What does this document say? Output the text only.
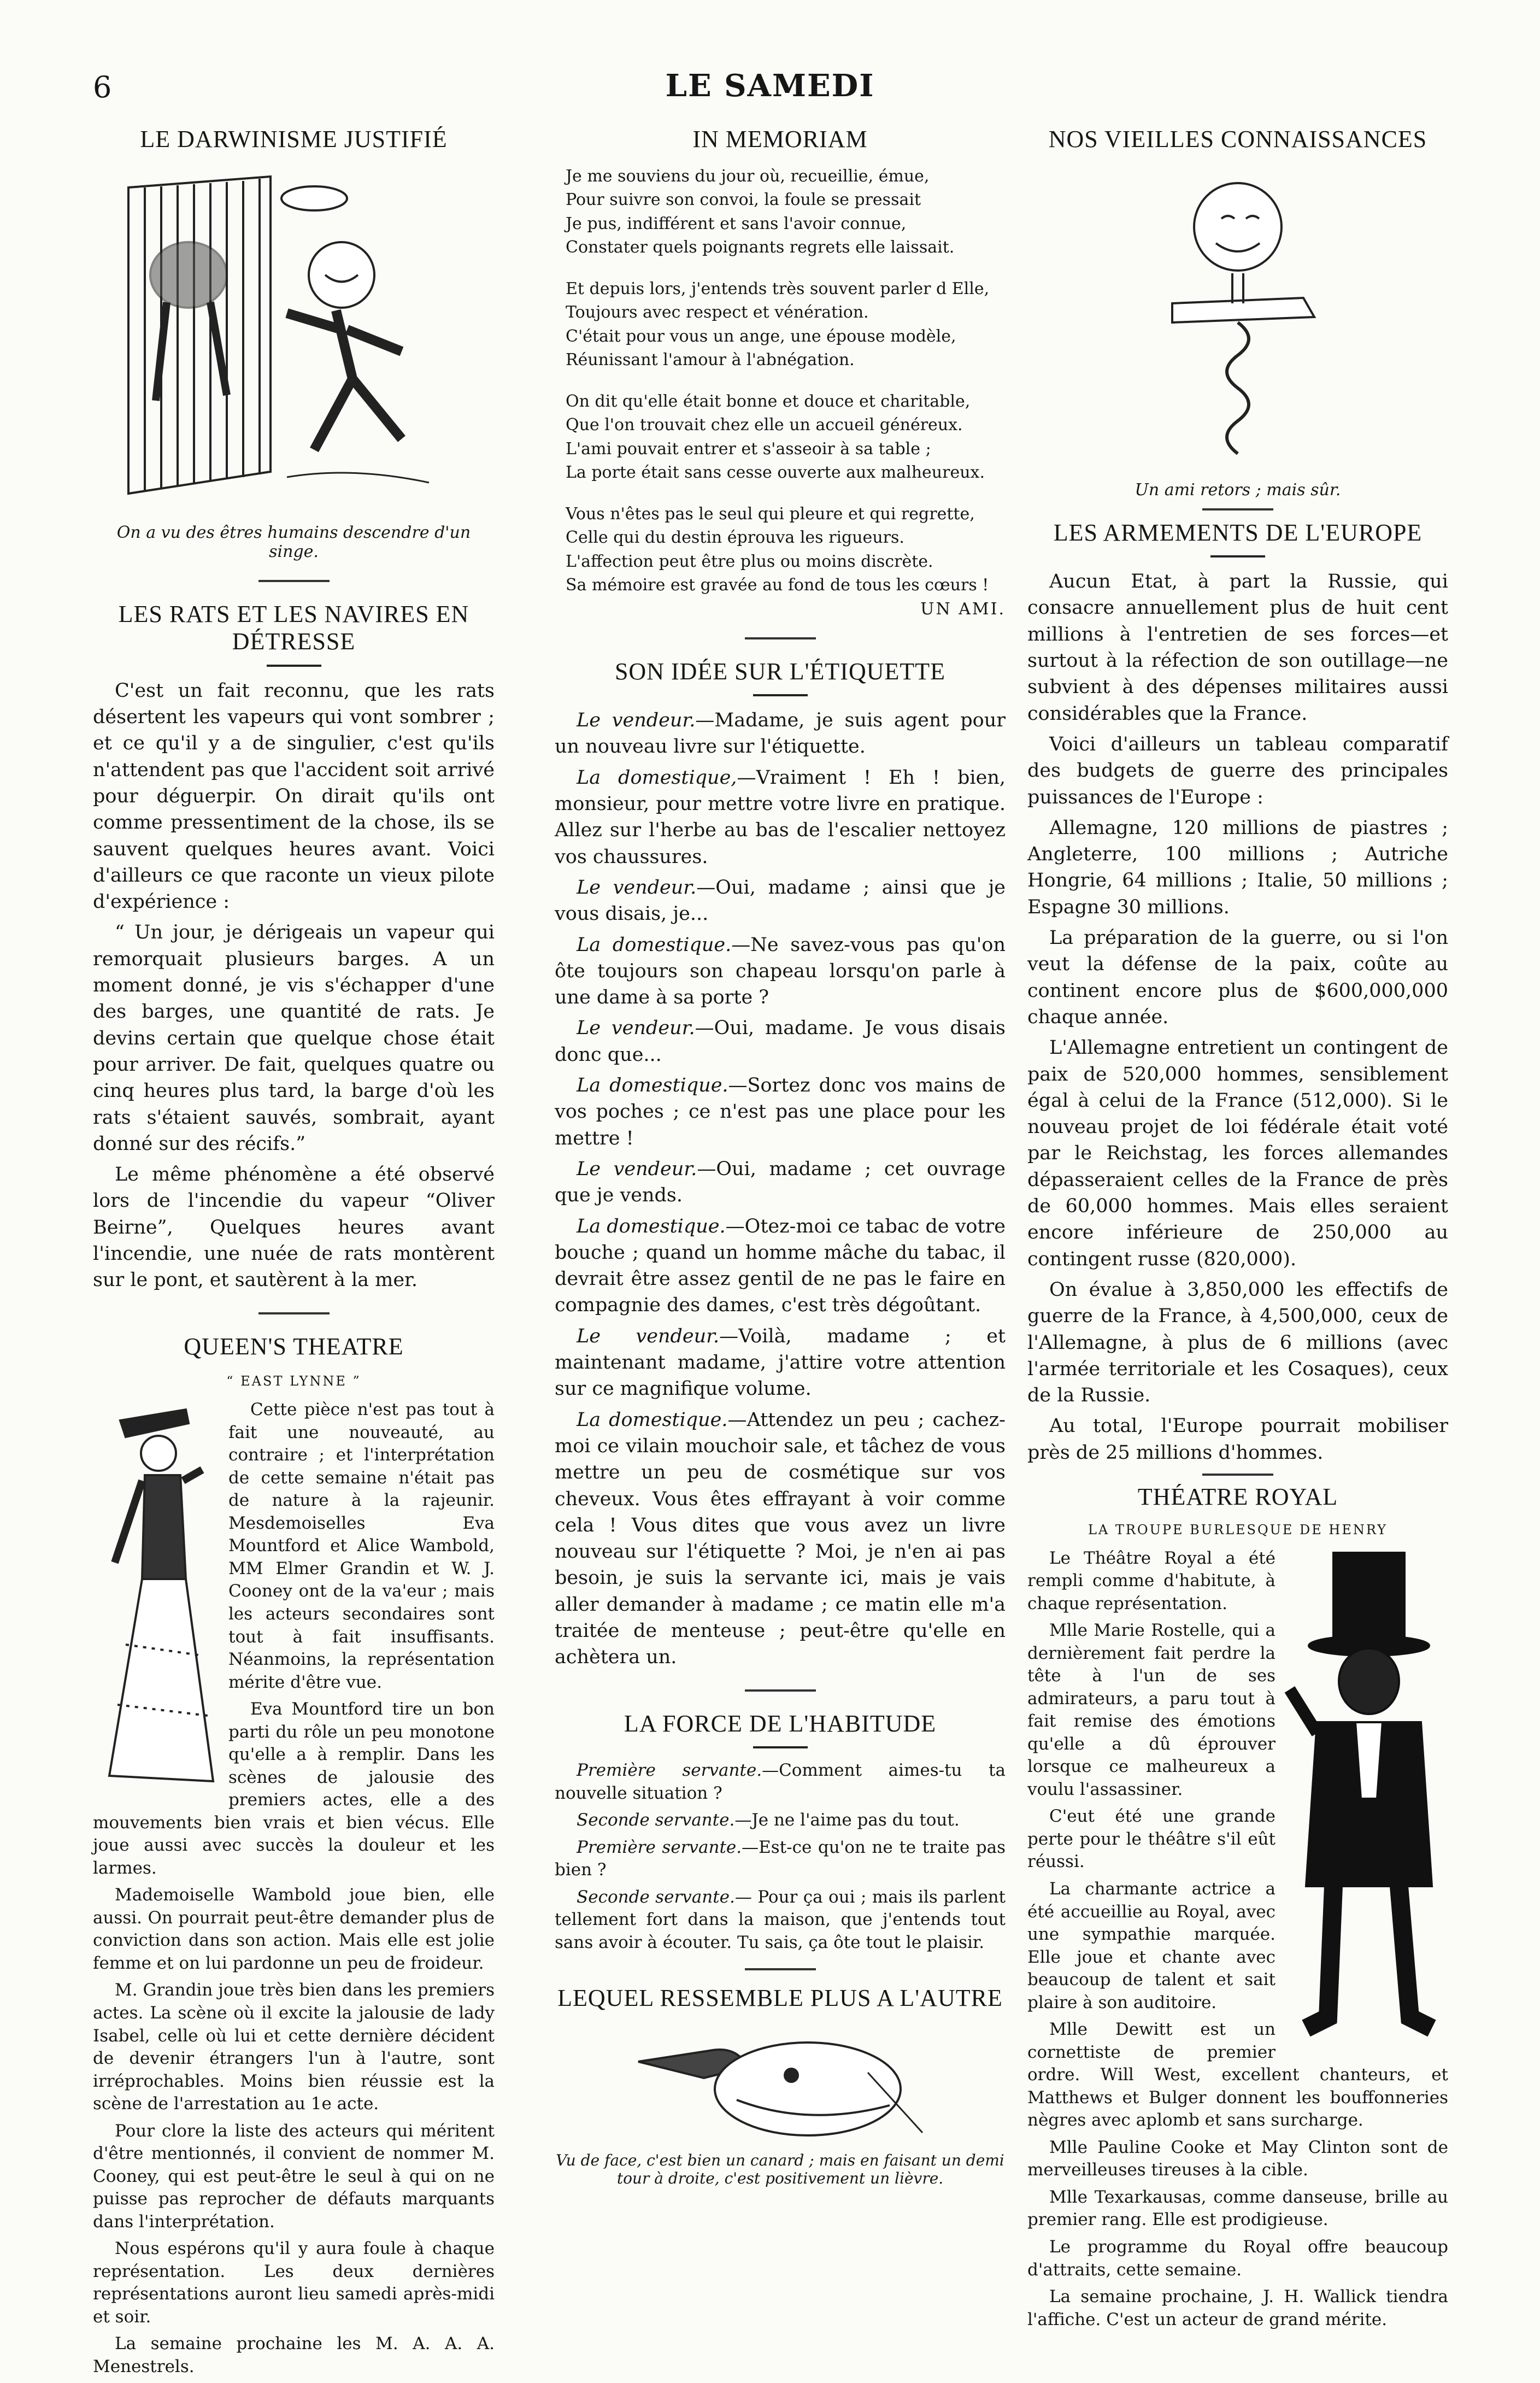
6	LE SAMEDI
LE DARWINISME JUSTIFIÉ
On a vu des êtres humains descendre d'un singe.
LES RATS ET LES NAVIRES EN DÉTRESSE

C'est un fait reconnu, que les rats désertent les vapeurs qui vont sombrer ; et ce qu'il y a de singulier, c'est qu'ils n'attendent pas que l'accident soit arrivé pour déguerpir. On dirait qu'ils ont comme pressentiment de la chose, ils se sauvent quelques heures avant. Voici d'ailleurs ce que raconte un vieux pilote d'expérience :

“ Un jour, je dérigeais un vapeur qui remorquait plusieurs barges. A un moment donné, je vis s'échapper d'une des barges, une quantité de rats. Je devins certain que quelque chose était pour arriver. De fait, quelques quatre ou cinq heures plus tard, la barge d'où les rats s'étaient sauvés, sombrait, ayant donné sur des récifs.”

Le même phénomène a été observé lors de l'incendie du vapeur “Oliver Beirne”, Quelques heures avant l'incendie, une nuée de rats montèrent sur le pont, et sautèrent à la mer.

QUEEN'S THEATRE
“ EAST LYNNE ”

Cette pièce n'est pas tout à fait une nouveauté, au contraire ; et l'interprétation de cette semaine n'était pas de nature à la rajeunir. Mesdemoiselles Eva Mountford et Alice Wambold, MM Elmer Grandin et W. J. Cooney ont de la va'eur ; mais les acteurs secondaires sont tout à fait insuffisants. Néanmoins, la représentation mérite d'être vue.

Eva Mountford tire un bon parti du rôle un peu monotone qu'elle a à remplir. Dans les scènes de jalousie des premiers actes, elle a des mouvements bien vrais et bien vécus. Elle joue aussi avec succès la douleur et les larmes.

Mademoiselle Wambold joue bien, elle aussi. On pourrait peut-être demander plus de conviction dans son action. Mais elle est jolie femme et on lui pardonne un peu de froideur.

M. Grandin joue très bien dans les premiers actes. La scène où il excite la jalousie de lady Isabel, celle où lui et cette dernière décident de devenir étrangers l'un à l'autre, sont irréprochables. Moins bien réussie est la scène de l'arrestation au 1e acte.

Pour clore la liste des acteurs qui méritent d'être mentionnés, il convient de nommer M. Cooney, qui est peut-être le seul à qui on ne puisse pas reprocher de défauts marquants dans l'interprétation.

Nous espérons qu'il y aura foule à chaque représentation. Les deux dernières représentations auront lieu samedi après-midi et soir.

La semaine prochaine les M. A. A. A. Menestrels.

IN MEMORIAM
Je me souviens du jour où, recueillie, émue,
Pour suivre son convoi, la foule se pressait
Je pus, indifférent et sans l'avoir connue,
Constater quels poignants regrets elle laissait.
Et depuis lors, j'entends très souvent parler d Elle,
Toujours avec respect et vénération.
C'était pour vous un ange, une épouse modèle,
Réunissant l'amour à l'abnégation.
On dit qu'elle était bonne et douce et charitable,
Que l'on trouvait chez elle un accueil généreux.
L'ami pouvait entrer et s'asseoir à sa table ;
La porte était sans cesse ouverte aux malheureux.
Vous n'êtes pas le seul qui pleure et qui regrette,
Celle qui du destin éprouva les rigueurs.
L'affection peut être plus ou moins discrète.
Sa mémoire est gravée au fond de tous les cœurs !
UN AMI.
SON IDÉE SUR L'ÉTIQUETTE

Le vendeur.—Madame, je suis agent pour un nouveau livre sur l'étiquette.

La domestique,—Vraiment ! Eh ! bien, monsieur, pour mettre votre livre en pratique. Allez sur l'herbe au bas de l'escalier nettoyez vos chaussures.

Le vendeur.—Oui, madame ; ainsi que je vous disais, je...

La domestique.—Ne savez-vous pas qu'on ôte toujours son chapeau lorsqu'on parle à une dame à sa porte ?

Le vendeur.—Oui, madame. Je vous disais donc que...

La domestique.—Sortez donc vos mains de vos poches ; ce n'est pas une place pour les mettre !

Le vendeur.—Oui, madame ; cet ouvrage que je vends.

La domestique.—Otez-moi ce tabac de votre bouche ; quand un homme mâche du tabac, il devrait être assez gentil de ne pas le faire en compagnie des dames, c'est très dégoûtant.

Le vendeur.—Voilà, madame ; et maintenant madame, j'attire votre attention sur ce magnifique volume.

La domestique.—Attendez un peu ; cachez-moi ce vilain mouchoir sale, et tâchez de vous mettre un peu de cosmétique sur vos cheveux. Vous êtes effrayant à voir comme cela ! Vous dites que vous avez un livre nouveau sur l'étiquette ? Moi, je n'en ai pas besoin, je suis la servante ici, mais je vais aller demander à madame ; ce matin elle m'a traitée de menteuse ; peut-être qu'elle en achètera un.

LA FORCE DE L'HABITUDE

Première servante.—Comment aimes-tu ta nouvelle situation ?

Seconde servante.—Je ne l'aime pas du tout.

Première servante.—Est-ce qu'on ne te traite pas bien ?

Seconde servante.— Pour ça oui ; mais ils parlent tellement fort dans la maison, que j'entends tout sans avoir à écouter. Tu sais, ça ôte tout le plaisir.

LEQUEL RESSEMBLE PLUS A L'AUTRE
Vu de face, c'est bien un canard ; mais en faisant un demi tour à droite, c'est positivement un lièvre.
NOS VIEILLES CONNAISSANCES
Un ami retors ; mais sûr.
LES ARMEMENTS DE L'EUROPE

Aucun Etat, à part la Russie, qui consacre annuellement plus de huit cent millions à l'entretien de ses forces—et surtout à la réfection de son outillage—ne subvient à des dépenses militaires aussi considérables que la France.

Voici d'ailleurs un tableau comparatif des budgets de guerre des principales puissances de l'Europe :

Allemagne, 120 millions de piastres ; Angleterre, 100 millions ; Autriche Hongrie, 64 millions ; Italie, 50 millions ; Espagne 30 millions.

La préparation de la guerre, ou si l'on veut la défense de la paix, coûte au continent encore plus de $600,000,000 chaque année.

L'Allemagne entretient un contingent de paix de 520,000 hommes, sensiblement égal à celui de la France (512,000). Si le nouveau projet de loi fédérale était voté par le Reichstag, les forces allemandes dépasseraient celles de la France de près de 60,000 hommes. Mais elles seraient encore inférieure de 250,000 au contingent russe (820,000).

On évalue à 3,850,000 les effectifs de guerre de la France, à 4,500,000, ceux de l'Allemagne, à plus de 6 millions (avec l'armée territoriale et les Cosaques), ceux de la Russie.

Au total, l'Europe pourrait mobiliser près de 25 millions d'hommes.

THÉATRE ROYAL
LA TROUPE BURLESQUE DE HENRY

Le Théâtre Royal a été rempli comme d'habitute, à chaque représentation.

Mlle Marie Rostelle, qui a dernièrement fait perdre la tête à l'un de ses admirateurs, a paru tout à fait remise des émotions qu'elle a dû éprouver lorsque ce malheureux a voulu l'assassiner.

C'eut été une grande perte pour le théâtre s'il eût réussi.

La charmante actrice a été accueillie au Royal, avec une sympathie marquée. Elle joue et chante avec beaucoup de talent et sait plaire à son auditoire.

Mlle Dewitt est un cornettiste de premier ordre. Will West, excellent chanteurs, et Matthews et Bulger donnent les bouffonneries nègres avec aplomb et sans surcharge.

Mlle Pauline Cooke et May Clinton sont de merveilleuses tireuses à la cible.

Mlle Texarkausas, comme danseuse, brille au premier rang. Elle est prodigieuse.

Le programme du Royal offre beaucoup d'attraits, cette semaine.

La semaine prochaine, J. H. Wallick tiendra l'affiche. C'est un acteur de grand mérite.
